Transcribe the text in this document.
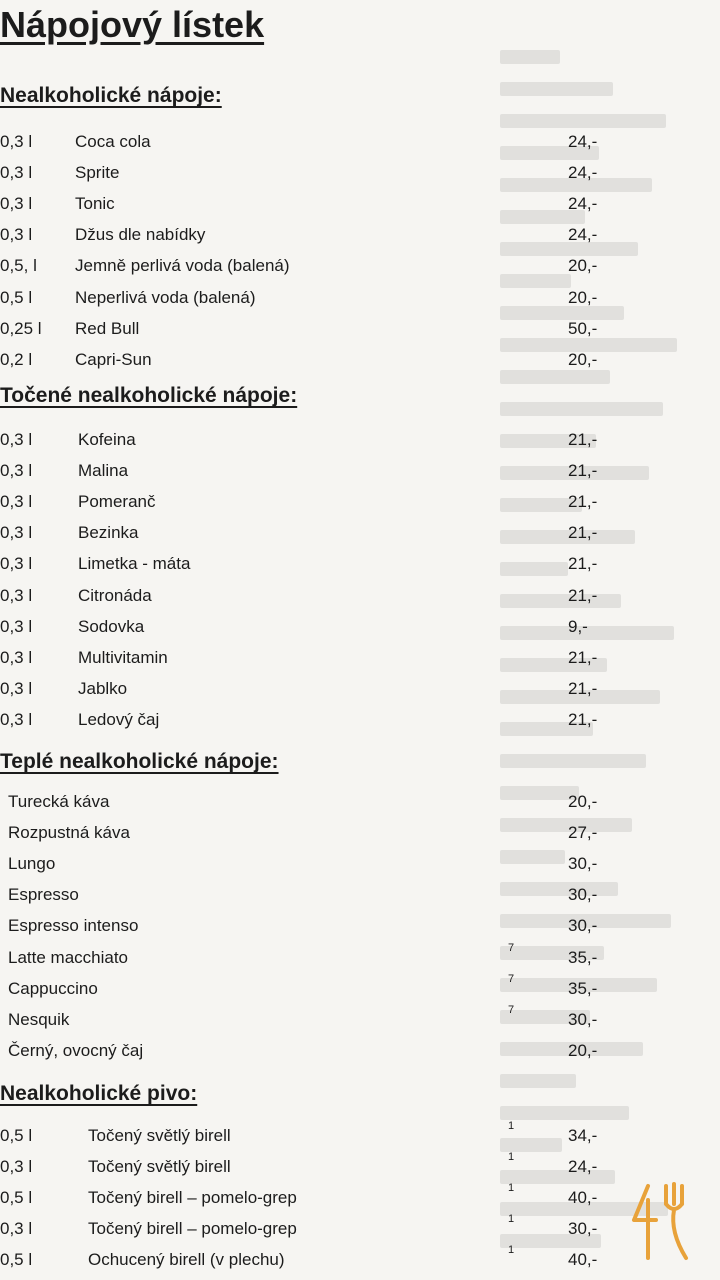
Nápojový lístek
Nealkoholické nápoje:
0,3 l	Coca cola	24,-
0,3 l	Sprite	24,-
0,3 l	Tonic	24,-
0,3 l	Džus dle nabídky	24,-
0,5, l Jemně perlivá voda (balená)	20,-
0,5 l	Neperlivá voda (balená)	20,-
0,25 l Red Bull	50,-
0,2 l	Capri-Sun	20,-
Točené nealkoholické nápoje:
0,3 l	Kofeina	21,-
0,3 l	Malina	21,-
0,3 l	Pomeranč	21,-
0,3 l	Bezinka	21,-
0,3 l	Limetka - máta	21,-
0,3 l	Citronáda	21,-
0,3 l	Sodovka	9,-
0,3 l	Multivitamin	21,-
0,3 l	Jablko	21,-
0,3 l	Ledový čaj	21,-
Teplé nealkoholické nápoje:
Turecká káva	20,-
Rozpustná káva	27,-
Lungo	30,-
Espresso	30,-
Espresso intenso	30,-
Latte macchiato	7	35,-
Cappuccino	7	35,-
Nesquik	7	30,-
Černý, ovocný čaj	20,-
Nealkoholické pivo:
0,5 l	Točený světlý birell	1	34,-
0,3 l	Točený světlý birell	1	24,-
0,5 l	Točený birell – pomelo-grep	1	40,-
0,3 l	Točený birell – pomelo-grep	1	30,-
0,5 l	Ochucený birell (v plechu)	1	40,-
